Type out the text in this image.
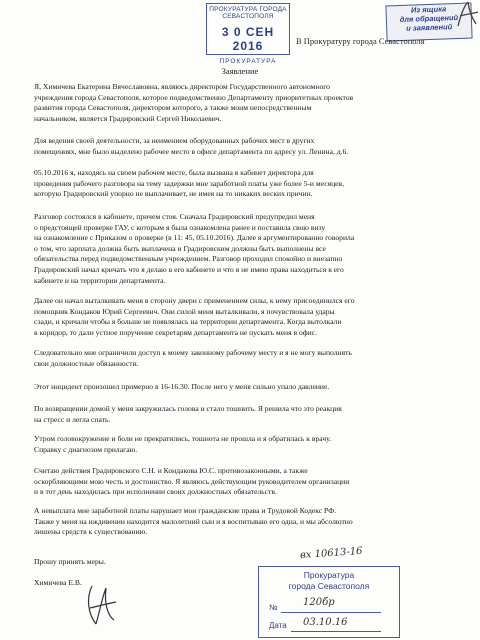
ПРОКУРАТУРА ГОРОДА СЕВАСТОПОЛЯ
3 0 СЕН 2016
ПРОКУРАТУРА
Из ящика
для обращений
и заявлений
В Прокуратуру города Севастополя
Заявление
Я, Химичева Екатерина Вячеславовна, являюсь директором Государственного автономного
учреждения города Севастополя, которое подведомственно Департаменту приоритетных проектов
развития города Севастополя, директором которого, а также моим непосредственным
начальником, является Градировский Сергей Николаевич.
Для ведения своей деятельности, за неимением оборудованных рабочих мест в других
помещениях, мне было выделено рабочее место в офисе департамента по адресу ул. Ленина, д.6.
05.10.2016 я, находясь на своем рабочем месте, была вызвана в кабинет директора для
проведения рабочего разговора на тему задержки мне заработной платы уже более 5-и месяцев,
которую Градировский упорно не выплачивает, не имея на то никаких веских причин.
Разговор состоялся в кабинете, причем стоя. Сначала Градировский предупредил меня
о предстоящей проверке ГАУ, с которым я была ознакомлена ранее и поставила свою визу
на ознакомление с Приказом о проверке (в 11: 45, 05.10.2016). Далее я аргументированно говорила
о том, что зарплата должна быть выплачена и Градировским должны быть выполнены все
обязательства перед подведомственным учреждением. Разговор проходил спокойно и внезапно
Градировский начал кричать что я делаю в его кабинете и что я не имею права находиться в его
кабинете и на территории департамента.
Далее он начал выталкивать меня в сторону двери с применением силы, к нему присоединился его
помощник Кондаков Юрий Сергеевич. Они силой меня выталкивали, я почувствовала удары
сзади, и кричали чтобы я больше не появлялась на территории департамента. Когда вытолкали
в коридор, то дали устное поручение секретарям департамента не пускать меня в офис.
Следовательно мне ограничили доступ к моему законному рабочему месту и я не могу выполнять
свои должностные обязанности.
Этот инцидент произошел примерно в 16-16.30. После него у меня сильно упало давление.
По возвращении домой у меня закружилась голова и стало тошнить. Я решила что это реакция
на стресс и легла спать.
Утром головокружение и боли не прекратились, тошнота не прошла и я обратилась к врачу.
Справку с диагнозом прилагаю.
Считаю действия Градировского С.Н. и Кондакова Ю.С. противозаконными, а также
оскорбляющими мою честь и достоинство. Я являюсь действующим руководителем организации
и в тот день находилась при исполнении своих должностных обязательств.
А невыплата мне заработной платы нарушает мои гражданские права и Трудовой Кодекс РФ.
Также у меня на иждивении находится малолетний сын и я воспитываю его одна, и мы абсолютно
лишены средств к существованию.
Прошу принять меры.
Химичева Е.В.
вх 10613-16
Прокуратура
города Севастополя
№	120бр
Дата 03.10.16
